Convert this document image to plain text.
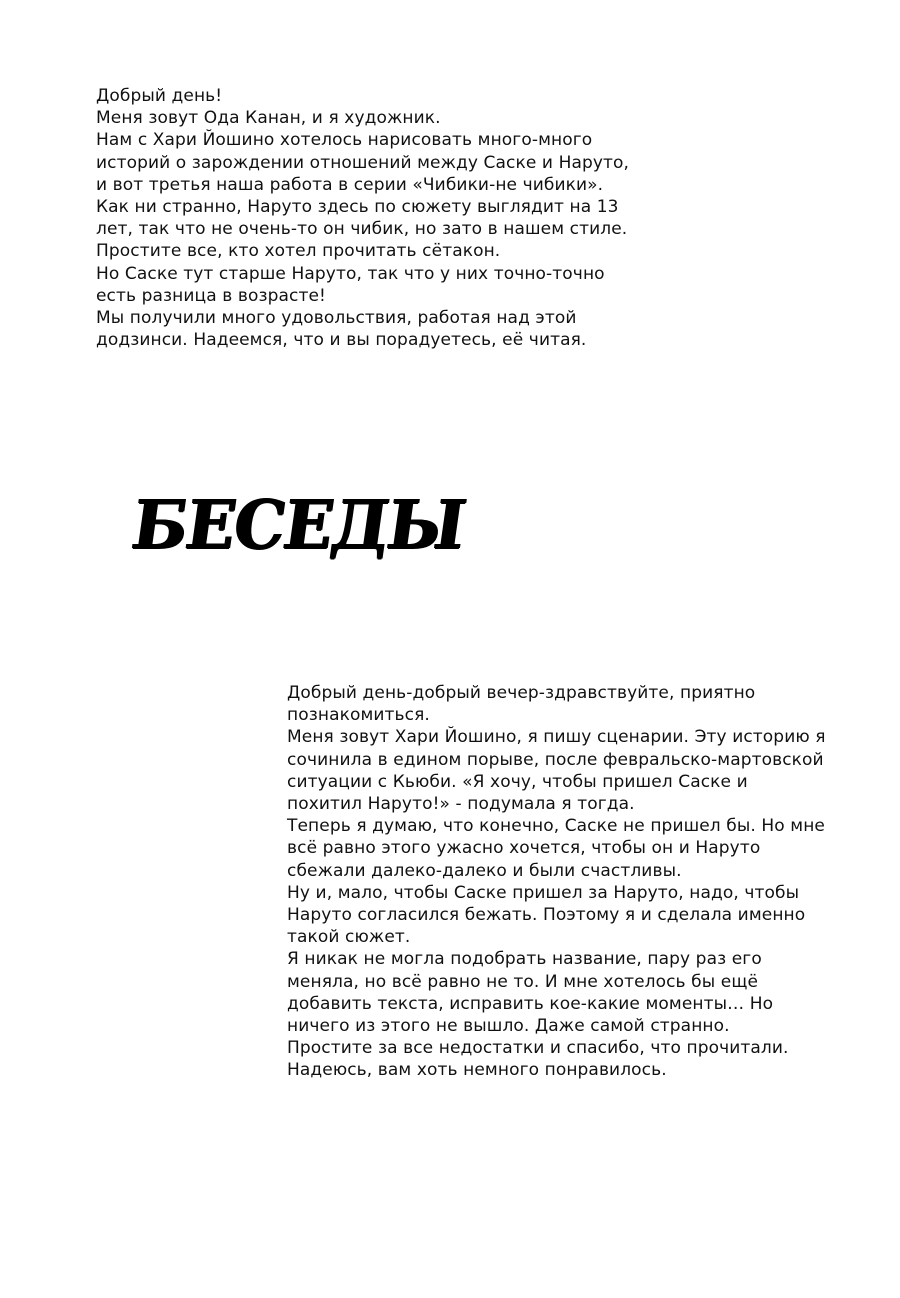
Добрый день!

Меня зовут Ода Канан, и я художник.

Нам с Хари Йошино хотелось нарисовать много-много историй о зарождении отношений между Саске и Наруто, и вот третья наша работа в серии «Чибики-не чибики».

Как ни странно, Наруто здесь по сюжету выглядит на 13 лет, так что не очень-то он чибик, но зато в нашем стиле.

Простите все, кто хотел прочитать сётакон.

Но Саске тут старше Наруто, так что у них точно-точно есть разница в возрасте!

Мы получили много удовольствия, работая над этой додзинси. Надеемся, что и вы порадуетесь, её читая.

БЕСЕДЫ

Добрый день-добрый вечер-здравствуйте, приятно познакомиться.

Меня зовут Хари Йошино, я пишу сценарии. Эту историю я сочинила в едином порыве, после февральско-мартовской ситуации с Кьюби. «Я хочу, чтобы пришел Саске и похитил Наруто!» - подумала я тогда.

Теперь я думаю, что конечно, Саске не пришел бы. Но мне всё равно этого ужасно хочется, чтобы он и Наруто сбежали далеко-далеко и были счастливы.

Ну и, мало, чтобы Саске пришел за Наруто, надо, чтобы Наруто согласился бежать. Поэтому я и сделала именно такой сюжет.

Я никак не могла подобрать название, пару раз его меняла, но всё равно не то. И мне хотелось бы ещё добавить текста, исправить кое-какие моменты… Но ничего из этого не вышло. Даже самой странно.

Простите за все недостатки и спасибо, что прочитали. Надеюсь, вам хоть немного понравилось.
